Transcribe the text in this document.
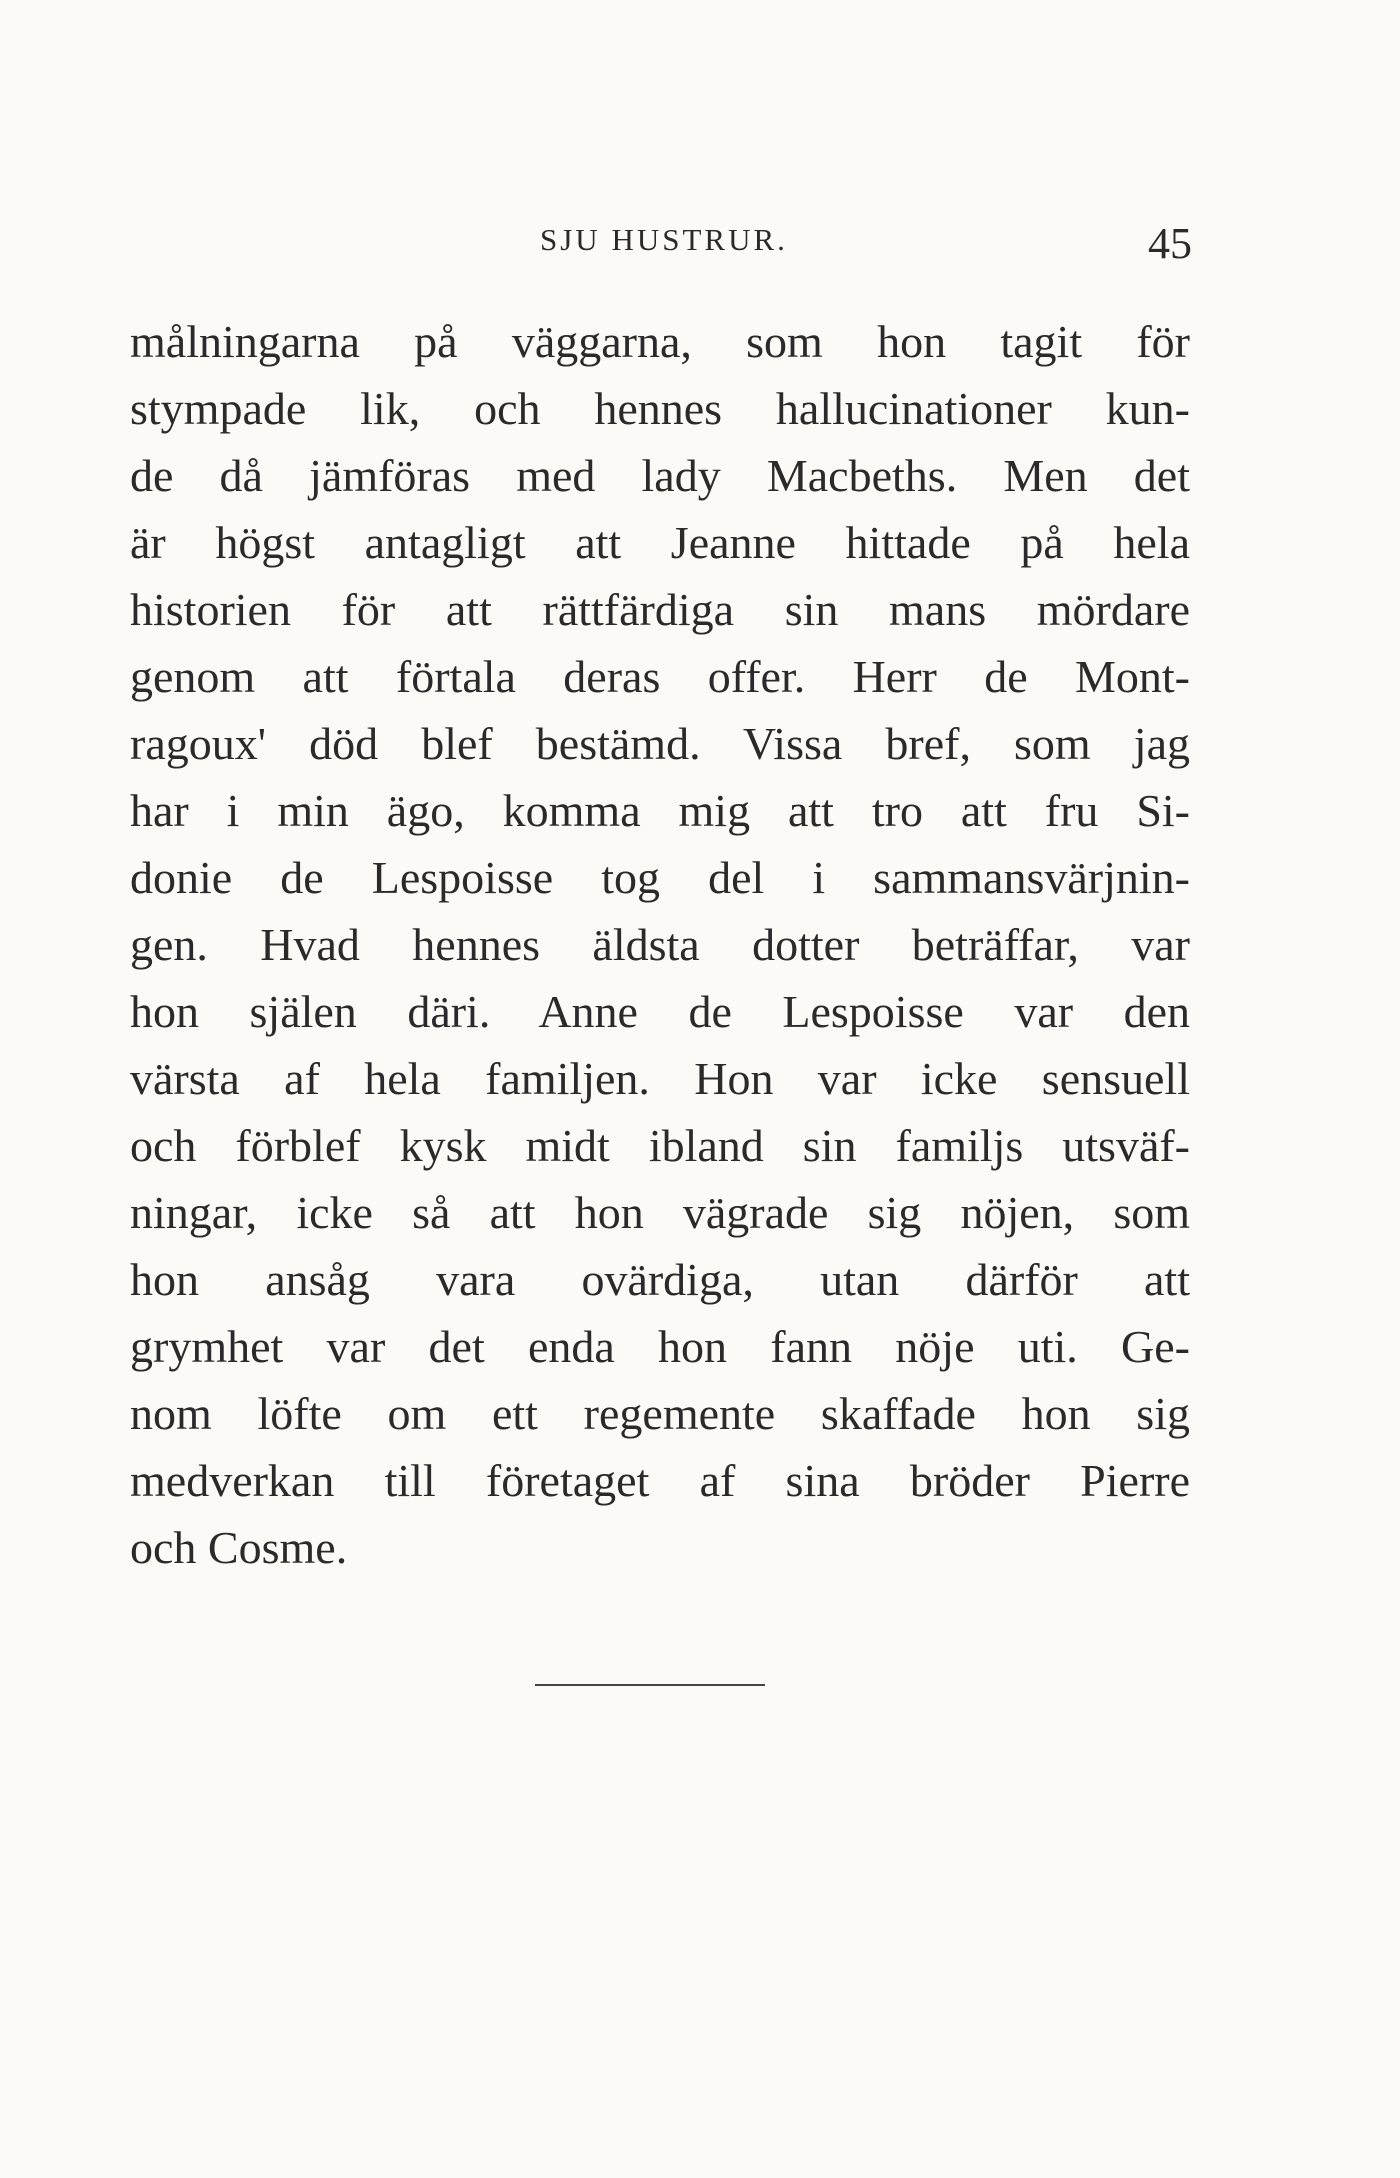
SJU HUSTRUR.	45
målningarna på väggarna, som hon tagit för
stympade lik, och hennes hallucinationer kun-
de då jämföras med lady Macbeths. Men det
är högst antagligt att Jeanne hittade på hela
historien för att rättfärdiga sin mans mördare
genom att förtala deras offer. Herr de Mont-
ragoux' död blef bestämd. Vissa bref, som jag
har i min ägo, komma mig att tro att fru Si-
donie de Lespoisse tog del i sammansvärjnin-
gen. Hvad hennes äldsta dotter beträffar, var
hon själen däri. Anne de Lespoisse var den
värsta af hela familjen. Hon var icke sensuell
och förblef kysk midt ibland sin familjs utsväf-
ningar, icke så att hon vägrade sig nöjen, som
hon ansåg vara ovärdiga, utan därför att
grymhet var det enda hon fann nöje uti. Ge-
nom löfte om ett regemente skaffade hon sig
medverkan till företaget af sina bröder Pierre
och Cosme.
